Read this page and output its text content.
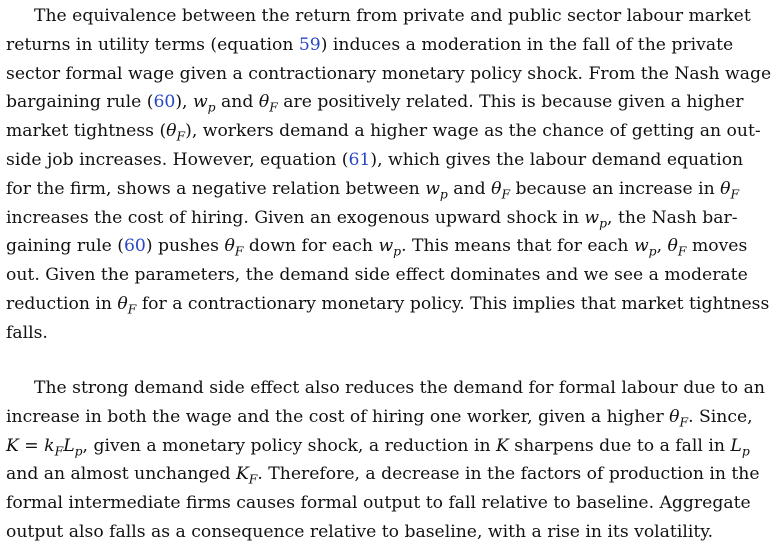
The equivalence between the return from private and public sector labour market
returns in utility terms (equation 59) induces a moderation in the fall of the private
sector formal wage given a contractionary monetary policy shock. From the Nash wage
bargaining rule (60), $w_p$ and $\theta_F$ are positively related. This is because given a higher
market tightness $(\theta_F)$, workers demand a higher wage as the chance of getting an out-
side job increases. However, equation (61), which gives the labour demand equation
for the firm, shows a negative relation between $w_p$ and $\theta_F$ because an increase in $\theta_F$
increases the cost of hiring. Given an exogenous upward shock in $w_p$, the Nash bar-
gaining rule (60) pushes $\theta_F$ down for each $w_p$. This means that for each $w_p$, $\theta_F$ moves
out. Given the parameters, the demand side effect dominates and we see a moderate
reduction in $\theta_F$ for a contractionary monetary policy. This implies that market tightness
falls.
The strong demand side effect also reduces the demand for formal labour due to an
increase in both the wage and the cost of hiring one worker, given a higher $\theta_F$. Since,
$K = k_FL_p$, given a monetary policy shock, a reduction in K sharpens due to a fall in $L_p$
and an almost unchanged $K_F$. Therefore, a decrease in the factors of production in the
formal intermediate firms causes formal output to fall relative to baseline. Aggregate
output also falls as a consequence relative to baseline, with a rise in its volatility.
